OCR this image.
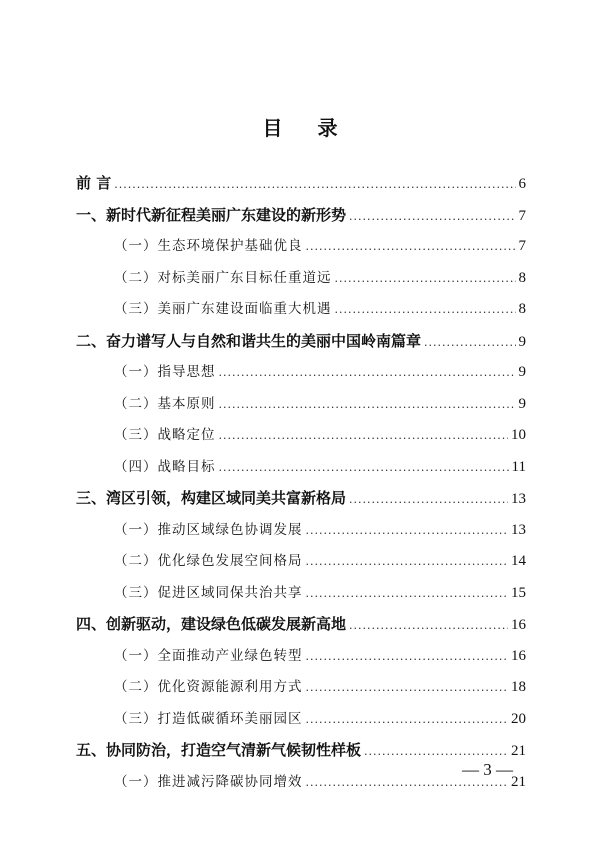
目 录
前 言 .....	6
一、新时代新征程美丽广东建设的新形势 .....	7
（一）生态环境保护基础优良 .....	7
（二）对标美丽广东目标任重道远 .....	8
（三）美丽广东建设面临重大机遇 .....	8
二、奋力谱写人与自然和谐共生的美丽中国岭南篇章 .....	9
（一）指导思想 .....	9
（二）基本原则 .....	9
（三）战略定位 .....	10
（四）战略目标 .....	11
三、湾区引领，构建区域同美共富新格局 .....	13
（一）推动区域绿色协调发展 .....	13
（二）优化绿色发展空间格局 .....	14
（三）促进区域同保共治共享 .....	15
四、创新驱动，建设绿色低碳发展新高地 .....	16
（一）全面推动产业绿色转型 .....	16
（二）优化资源能源利用方式 .....	18
（三）打造低碳循环美丽园区 .....	20
五、协同防治，打造空气清新气候韧性样板 .....	21
（一）推进减污降碳协同增效 .....	21
— 3 —
